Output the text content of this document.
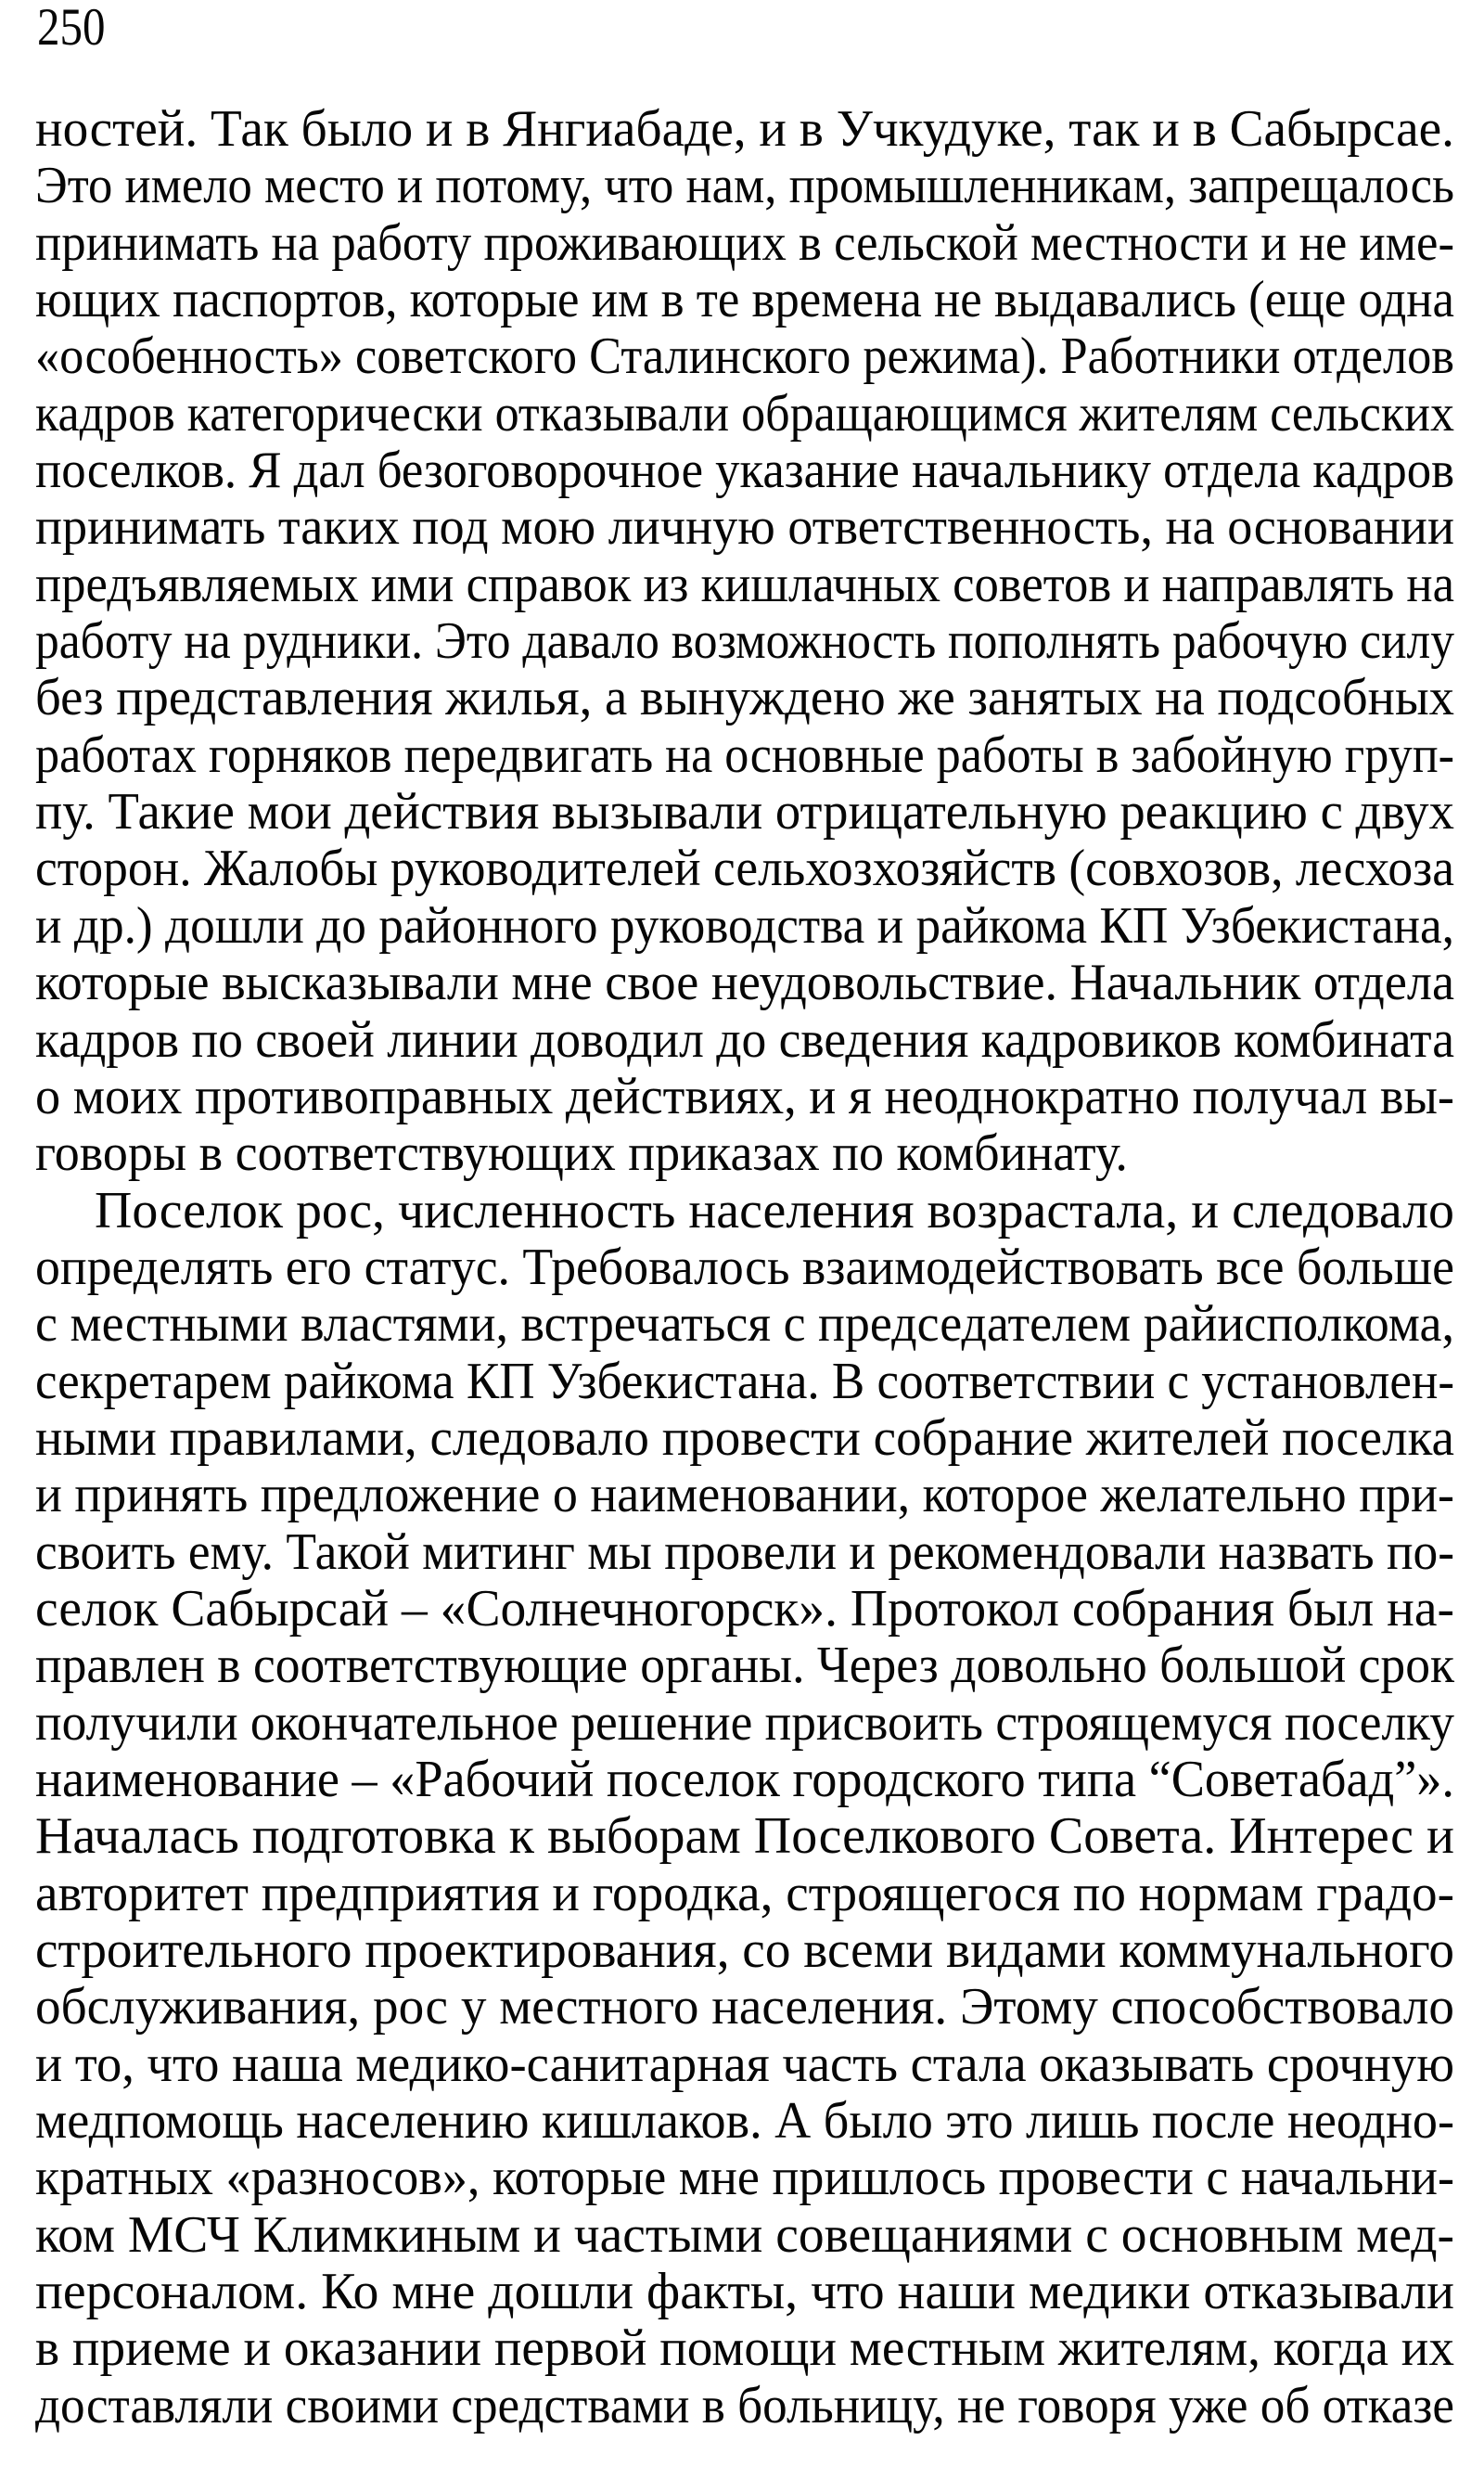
250
ностей. Так было и в Янгиабаде, и в Учкудуке, так и в Сабырсае.
Это имело место и потому, что нам, промышленникам, запрещалось
принимать на работу проживающих в сельской местности и не име-
ющих паспортов, которые им в те времена не выдавались (еще одна
«особенность» советского Сталинского режима). Работники отделов
кадров категорически отказывали обращающимся жителям сельских
поселков. Я дал безоговорочное указание начальнику отдела кадров
принимать таких под мою личную ответственность, на основании
предъявляемых ими справок из кишлачных советов и направлять на
работу на рудники. Это давало возможность пополнять рабочую силу
без представления жилья, а вынуждено же занятых на подсобных
работах горняков передвигать на основные работы в забойную груп-
пу. Такие мои действия вызывали отрицательную реакцию с двух
сторон. Жалобы руководителей сельхозхозяйств (совхозов, лесхоза
и др.) дошли до районного руководства и райкома КП Узбекистана,
которые высказывали мне свое неудовольствие. Начальник отдела
кадров по своей линии доводил до сведения кадровиков комбината
о моих противоправных действиях, и я неоднократно получал вы-
говоры в соответствующих приказах по комбинату.
Поселок рос, численность населения возрастала, и следовало
определять его статус. Требовалось взаимодействовать все больше
с местными властями, встречаться с председателем райисполкома,
секретарем райкома КП Узбекистана. В соответствии с установлен-
ными правилами, следовало провести собрание жителей поселка
и принять предложение о наименовании, которое желательно при-
своить ему. Такой митинг мы провели и рекомендовали назвать по-
селок Сабырсай – «Солнечногорск». Протокол собрания был на-
правлен в соответствующие органы. Через довольно большой срок
получили окончательное решение присвоить строящемуся поселку
наименование – «Рабочий поселок городского типа “Советабад”».
Началась подготовка к выборам Поселкового Совета. Интерес и
авторитет предприятия и городка, строящегося по нормам градо-
строительного проектирования, со всеми видами коммунального
обслуживания, рос у местного населения. Этому способствовало
и то, что наша медико-санитарная часть стала оказывать срочную
медпомощь населению кишлаков. А было это лишь после неодно-
кратных «разносов», которые мне пришлось провести с начальни-
ком МСЧ Климкиным и частыми совещаниями с основным мед-
персоналом. Ко мне дошли факты, что наши медики отказывали
в приеме и оказании первой помощи местным жителям, когда их
доставляли своими средствами в больницу, не говоря уже об отказе
